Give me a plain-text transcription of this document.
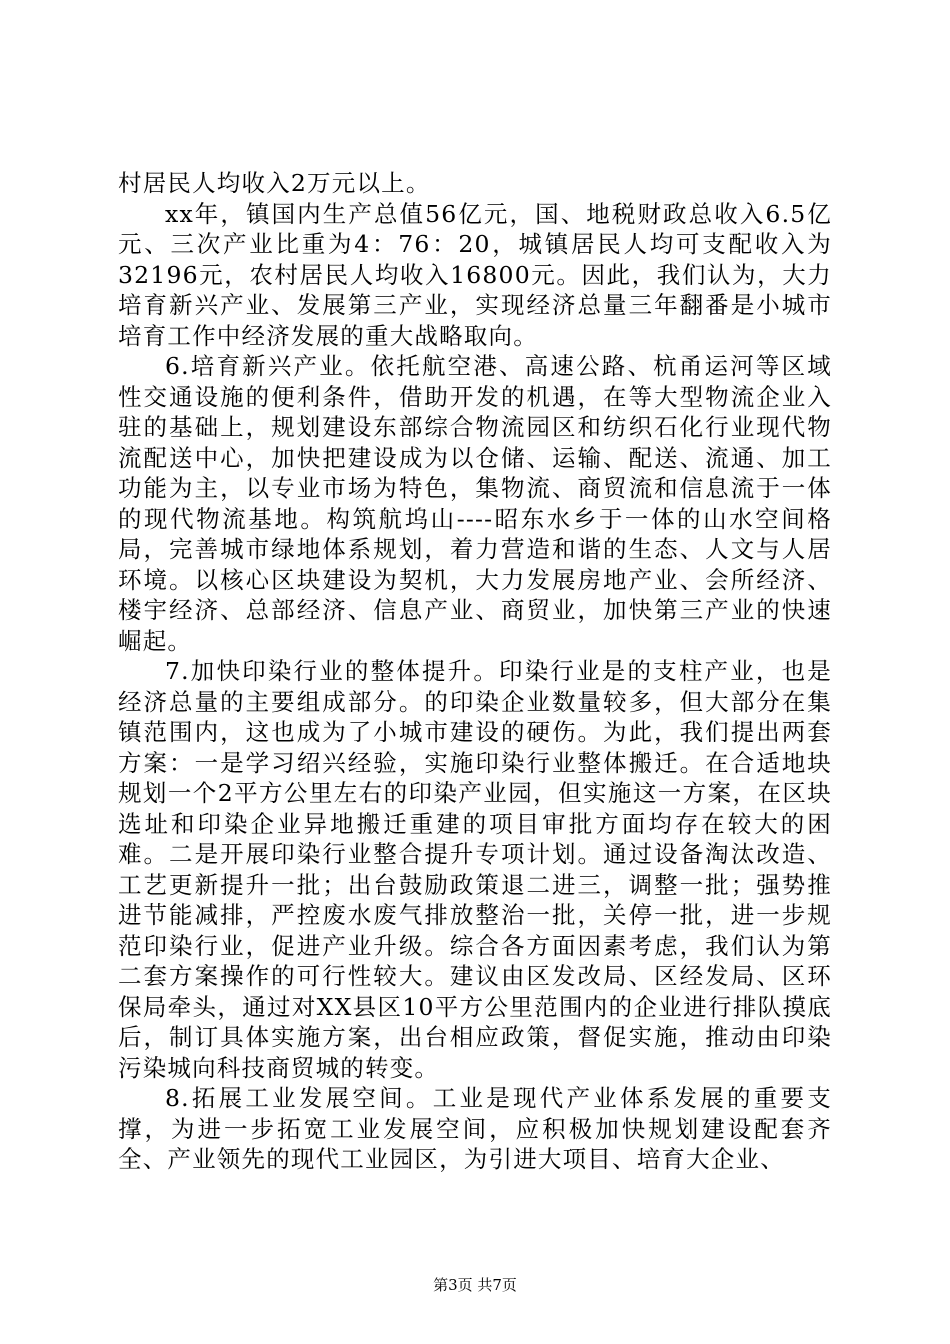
村居民人均收入2万元以上。

xx年，镇国内生产总值56亿元，国、地税财政总收入6.5亿元、三次产业比重为4：76：20，城镇居民人均可支配收入为32196元，农村居民人均收入16800元。因此，我们认为，大力培育新兴产业、发展第三产业，实现经济总量三年翻番是小城市培育工作中经济发展的重大战略取向。

6.培育新兴产业。依托航空港、高速公路、杭甬运河等区域性交通设施的便利条件，借助开发的机遇，在等大型物流企业入驻的基础上，规划建设东部综合物流园区和纺织石化行业现代物流配送中心，加快把建设成为以仓储、运输、配送、流通、加工功能为主，以专业市场为特色，集物流、商贸流和信息流于一体的现代物流基地。构筑航坞山----昭东水乡于一体的山水空间格局，完善城市绿地体系规划，着力营造和谐的生态、人文与人居环境。以核心区块建设为契机，大力发展房地产业、会所经济、楼宇经济、总部经济、信息产业、商贸业，加快第三产业的快速崛起。

7.加快印染行业的整体提升。印染行业是的支柱产业，也是经济总量的主要组成部分。的印染企业数量较多，但大部分在集镇范围内，这也成为了小城市建设的硬伤。为此，我们提出两套方案：一是学习绍兴经验，实施印染行业整体搬迁。在合适地块规划一个2平方公里左右的印染产业园，但实施这一方案，在区块选址和印染企业异地搬迁重建的项目审批方面均存在较大的困难。二是开展印染行业整合提升专项计划。通过设备淘汰改造、工艺更新提升一批；出台鼓励政策退二进三，调整一批；强势推进节能减排，严控废水废气排放整治一批，关停一批，进一步规范印染行业，促进产业升级。综合各方面因素考虑，我们认为第二套方案操作的可行性较大。建议由区发改局、区经发局、区环保局牵头，通过对XX县区10平方公里范围内的企业进行排队摸底后，制订具体实施方案，出台相应政策，督促实施，推动由印染污染城向科技商贸城的转变。

8.拓展工业发展空间。工业是现代产业体系发展的重要支撑，为进一步拓宽工业发展空间，应积极加快规划建设配套齐全、产业领先的现代工业园区，为引进大项目、培育大企业、

第3页 共7页
